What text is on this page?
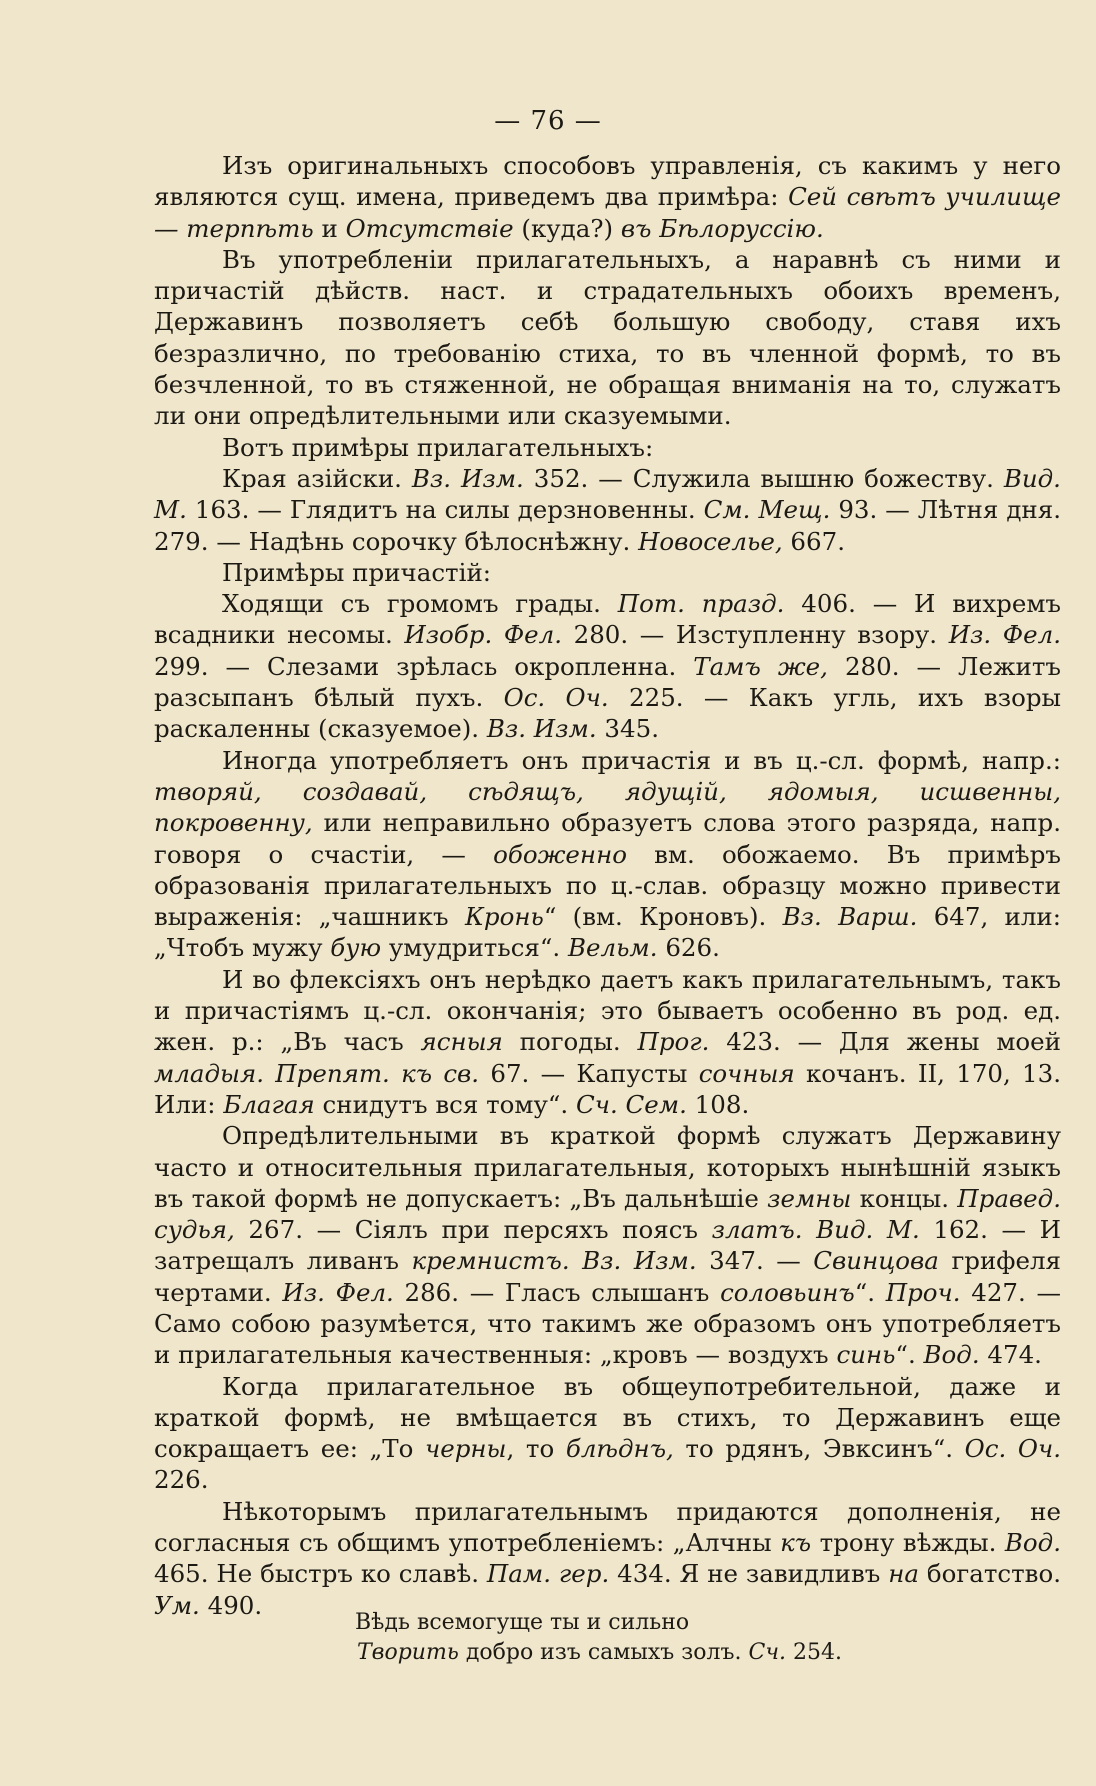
— 76 —

Изъ оригинальныхъ способовъ управленія, съ какимъ у него являются сущ. имена, приведемъ два примѣра: Сей свѣтъ училище — терпѣть и Отсутствіе (куда?) въ Бѣлоруссію.

Въ употребленіи прилагательныхъ, а наравнѣ съ ними и причастій дѣйств. наст. и страдательныхъ обоихъ временъ, Державинъ позволяетъ себѣ большую свободу, ставя ихъ безразлично, по требованію стиха, то въ членной формѣ, то въ безчленной, то въ стяженной, не обращая вниманія на то, служатъ ли они опредѣлительными или сказуемыми.

Вотъ примѣры прилагательныхъ:

Края азійски. Вз. Изм. 352. — Служила вышню божеству. Вид. М. 163. — Глядитъ на силы дерзновенны. См. Мещ. 93. — Лѣтня дня. 279. — Надѣнь сорочку бѣлоснѣжну. Новоселье, 667.

Примѣры причастій:

Ходящи съ громомъ грады. Пот. празд. 406. — И вихремъ всадники несомы. Изобр. Фел. 280. — Изступленну взору. Из. Фел. 299. — Слезами зрѣлась окропленна. Тамъ же, 280. — Лежитъ разсыпанъ бѣлый пухъ. Ос. Оч. 225. — Какъ угль, ихъ взоры раскаленны (сказуемое). Вз. Изм. 345.

Иногда употребляетъ онъ причастія и въ ц.-сл. формѣ, напр.: творяй, создавай, сѣдящъ, ядущій, ядомыя, исшвенны, покровенну, или неправильно образуетъ слова этого разряда, напр. говоря о счастіи, — обоженно вм. обожаемо. Въ примѣръ образованія прилагательныхъ по ц.-слав. образцу можно привести выраженія: „чашникъ Кронь“ (вм. Кроновъ). Вз. Варш. 647, или: „Чтобъ мужу бую умудриться“. Вельм. 626.

И во флексіяхъ онъ нерѣдко даетъ какъ прилагательнымъ, такъ и причастіямъ ц.-сл. окончанія; это бываетъ особенно въ род. ед. жен. р.: „Въ часъ ясныя погоды. Прог. 423. — Для жены моей младыя. Препят. къ св. 67. — Капусты сочныя кочанъ. II, 170, 13. Или: Благая снидутъ вся тому“. Сч. Сем. 108.

Опредѣлительными въ краткой формѣ служатъ Державину часто и относительныя прилагательныя, которыхъ нынѣшній языкъ въ такой формѣ не допускаетъ: „Въ дальнѣшіе земны концы. Правед. судья, 267. — Сіялъ при персяхъ поясъ златъ. Вид. М. 162. — И затрещалъ ливанъ кремнистъ. Вз. Изм. 347. — Свинцова грифеля чертами. Из. Фел. 286. — Гласъ слышанъ соловьинъ“. Проч. 427. — Само собою разумѣется, что такимъ же образомъ онъ употребляетъ и прилагательныя качественныя: „кровъ — воздухъ синь“. Вод. 474.

Когда прилагательное въ общеупотребительной, даже и краткой формѣ, не вмѣщается въ стихъ, то Державинъ еще сокращаетъ ее: „То черны, то блѣднъ, то рдянъ, Эвксинъ“. Ос. Оч. 226.

Нѣкоторымъ прилагательнымъ придаются дополненія, не согласныя съ общимъ употребленіемъ: „Алчны къ трону вѣжды. Вод. 465. Не быстръ ко славѣ. Пам. гер. 434. Я не завидливъ на богатство. Ум. 490.

Вѣдь всемогуще ты и сильно
Творить добро изъ самыхъ золъ. Сч. 254.
